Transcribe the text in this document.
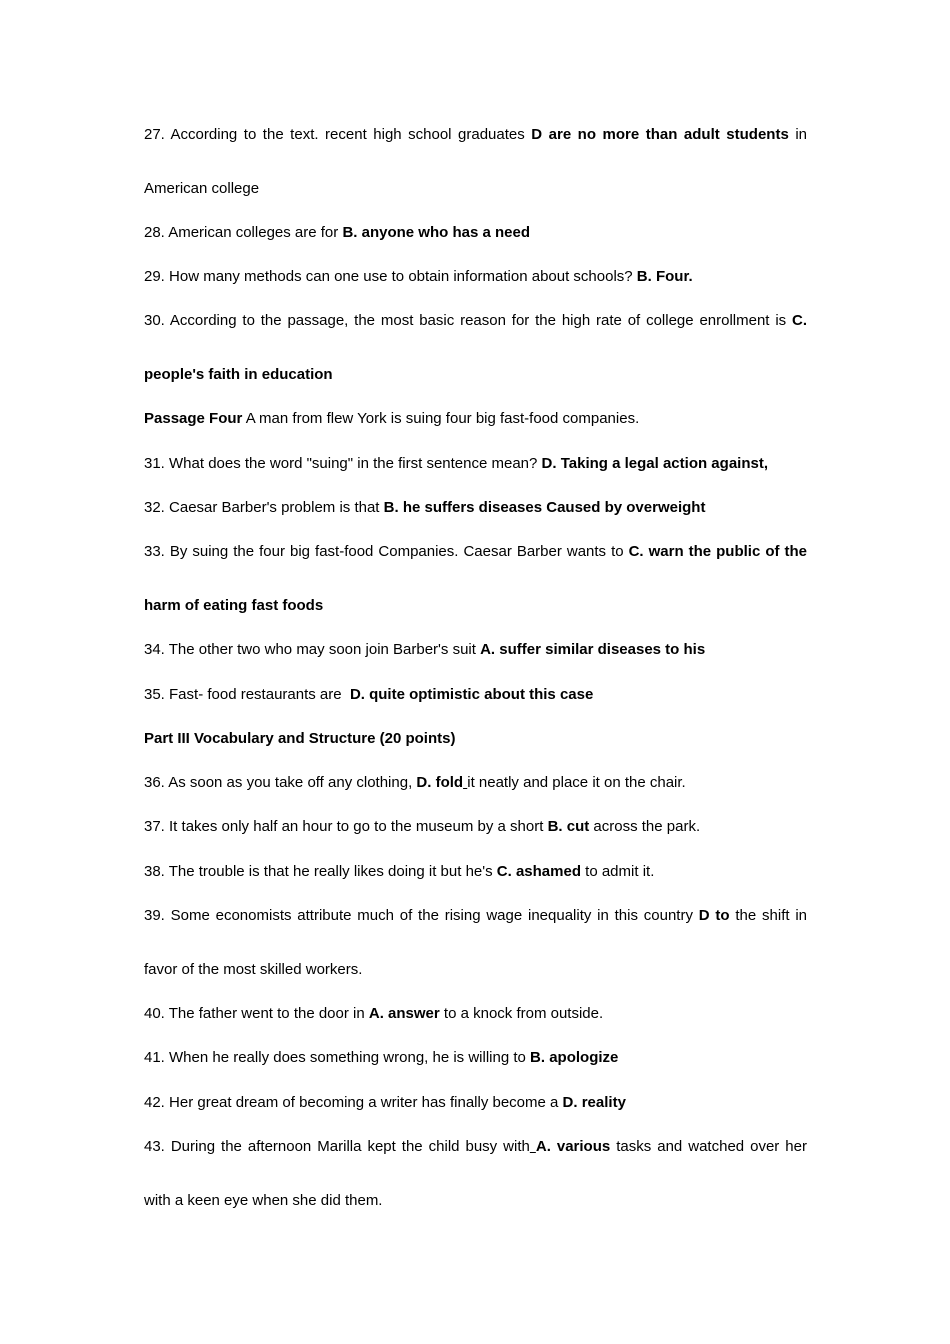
27. According to the text. recent high school graduates D are no more than adult students in
American college
28. American colleges are for B. anyone who has a need
29. How many methods can one use to obtain information about schools? B. Four.
30. According to the passage, the most basic reason for the high rate of college enrollment is C.
people's faith in education
Passage Four A man from flew York is suing four big fast-food companies.
31. What does the word "suing" in the first sentence mean? D. Taking a legal action against,
32. Caesar Barber's problem is that B. he suffers diseases Caused by overweight
33. By suing the four big fast-food Companies. Caesar Barber wants to C. warn the public of the
harm of eating fast foods
34. The other two who may soon join Barber's suit A. suffer similar diseases to his
35. Fast- food restaurants are  D. quite optimistic about this case
Part III Vocabulary and Structure (20 points)
36. As soon as you take off any clothing, D. fold it neatly and place it on the chair.
37. It takes only half an hour to go to the museum by a short B. cut across the park.
38. The trouble is that he really likes doing it but he's C. ashamed to admit it.
39. Some economists attribute much of the rising wage inequality in this country D to the shift in
favor of the most skilled workers.
40. The father went to the door in A. answer to a knock from outside.
41. When he really does something wrong, he is willing to B. apologize
42. Her great dream of becoming a writer has finally become a D. reality
43. During the afternoon Marilla kept the child busy with A. various tasks and watched over her
with a keen eye when she did them.
